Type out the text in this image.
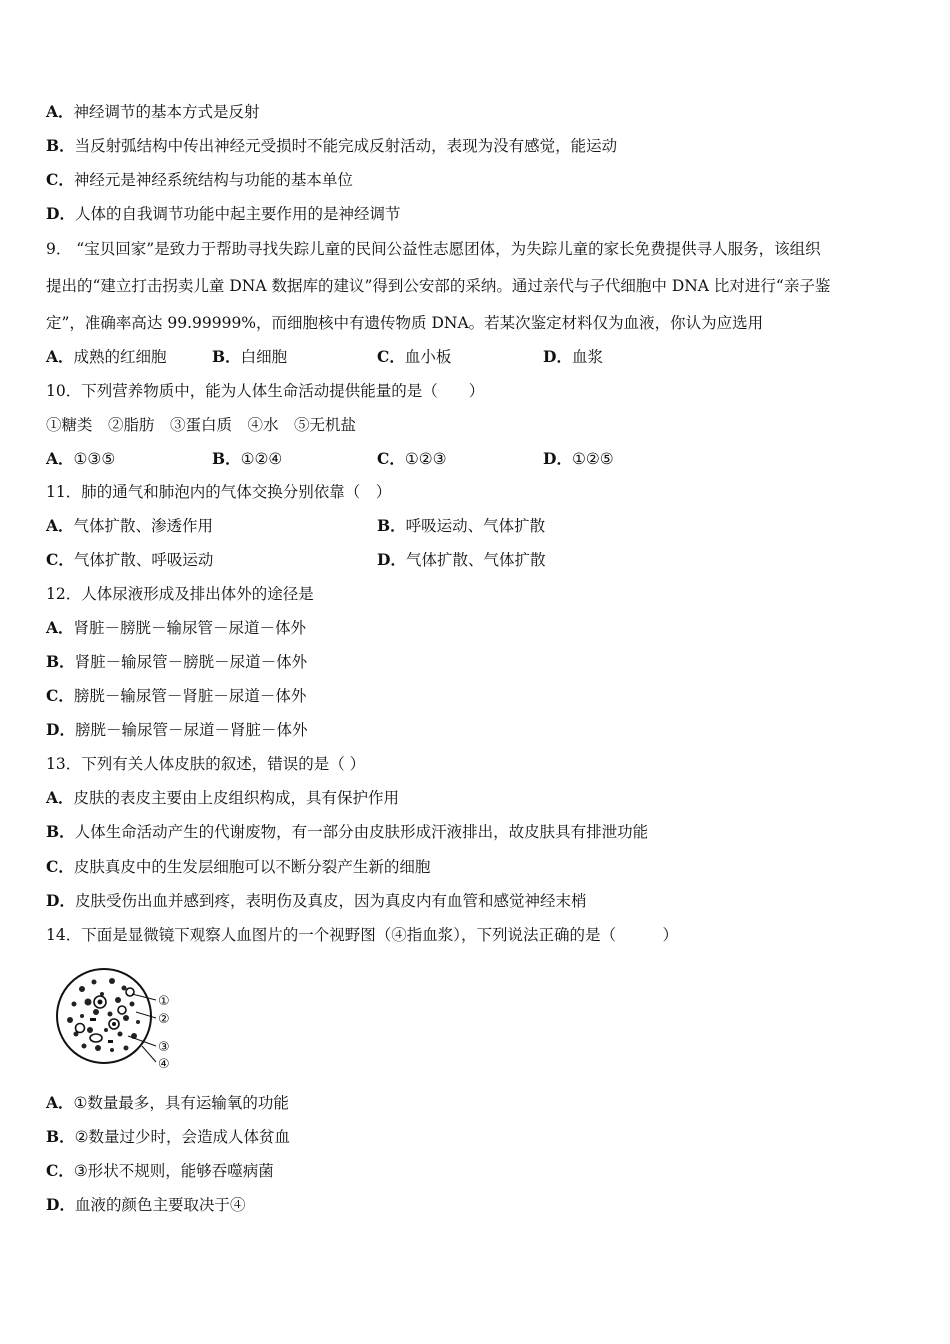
A．神经调节的基本方式是反射
B．当反射弧结构中传出神经元受损时不能完成反射活动，表现为没有感觉，能运动
C．神经元是神经系统结构与功能的基本单位
D．人体的自我调节功能中起主要作用的是神经调节
9． “宝贝回家”是致力于帮助寻找失踪儿童的民间公益性志愿团体，为失踪儿童的家长免费提供寻人服务，该组织
提出的“建立打击拐卖儿童 DNA 数据库的建议”得到公安部的采纳。通过亲代与子代细胞中 DNA 比对进行“亲子鉴
定”，准确率高达 99.99999%，而细胞核中有遗传物质 DNA。若某次鉴定材料仅为血液，你认为应选用
A．成熟的红细胞	B．白细胞	C．血小板	D．血浆
10．下列营养物质中，能为人体生命活动提供能量的是（　　）
①糖类　②脂肪　③蛋白质　④水　⑤无机盐
A．①③⑤	B．①②④	C．①②③	D．①②⑤
11．肺的通气和肺泡内的气体交换分别依靠（　）
A．气体扩散、渗透作用	B．呼吸运动、气体扩散
C．气体扩散、呼吸运动	D．气体扩散、气体扩散
12．人体尿液形成及排出体外的途径是
A．肾脏－膀胱－输尿管－尿道－体外
B．肾脏－输尿管－膀胱－尿道－体外
C．膀胱－输尿管－肾脏－尿道－体外
D．膀胱－输尿管－尿道－肾脏－体外
13．下列有关人体皮肤的叙述，错误的是（ ）
A．皮肤的表皮主要由上皮组织构成，具有保护作用
B．人体生命活动产生的代谢废物，有一部分由皮肤形成汗液排出，故皮肤具有排泄功能
C．皮肤真皮中的生发层细胞可以不断分裂产生新的细胞
D．皮肤受伤出血并感到疼，表明伤及真皮，因为真皮内有血管和感觉神经末梢
14．下面是显微镜下观察人血图片的一个视野图（④指血浆），下列说法正确的是（　　　）
①
②
③
④
A．①数量最多，具有运输氧的功能
B．②数量过少时，会造成人体贫血
C．③形状不规则，能够吞噬病菌
D．血液的颜色主要取决于④
